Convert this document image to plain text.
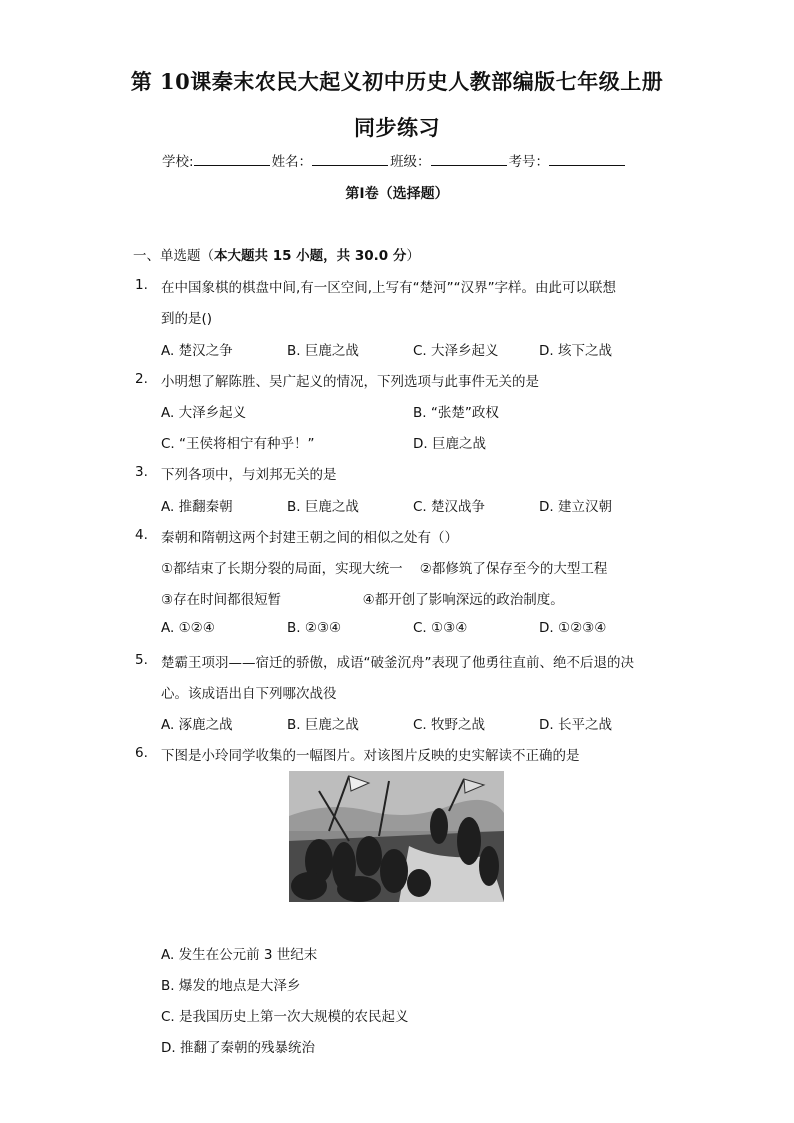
第 10课秦末农民大起义初中历史人教部编版七年级上册
同步练习
学校:	姓名：	班级：	考号：
第I卷（选择题）
一、单选题（本大题共 15 小题，共 30.0 分）
1. 在中国象棋的棋盘中间,有一区空间,上写有“楚河”“汉界”字样。由此可以联想
到的是()
A. 楚汉之争	B. 巨鹿之战	C. 大泽乡起义	D. 垓下之战
2. 小明想了解陈胜、吴广起义的情况，下列选项与此事件无关的是
A. 大泽乡起义	B. “张楚”政权
C. “王侯将相宁有种乎！”	D. 巨鹿之战
3. 下列各项中，与刘邦无关的是
A. 推翻秦朝	B. 巨鹿之战	C. 楚汉战争	D. 建立汉朝
4. 秦朝和隋朝这两个封建王朝之间的相似之处有（）
①都结束了长期分裂的局面，实现大统一    ②都修筑了保存至今的大型工程
③存在时间都很短暂                   ④都开创了影响深远的政治制度。
A. ①②④	B. ②③④	C. ①③④	D. ①②③④
5. 楚霸王项羽——宿迁的骄傲，成语“破釜沉舟”表现了他勇往直前、绝不后退的决
心。该成语出自下列哪次战役
A. 涿鹿之战	B. 巨鹿之战	C. 牧野之战	D. 长平之战
6. 下图是小玲同学收集的一幅图片。对该图片反映的史实解读不正确的是
A. 发生在公元前 3 世纪末
B. 爆发的地点是大泽乡
C. 是我国历史上第一次大规模的农民起义
D. 推翻了秦朝的残暴统治
